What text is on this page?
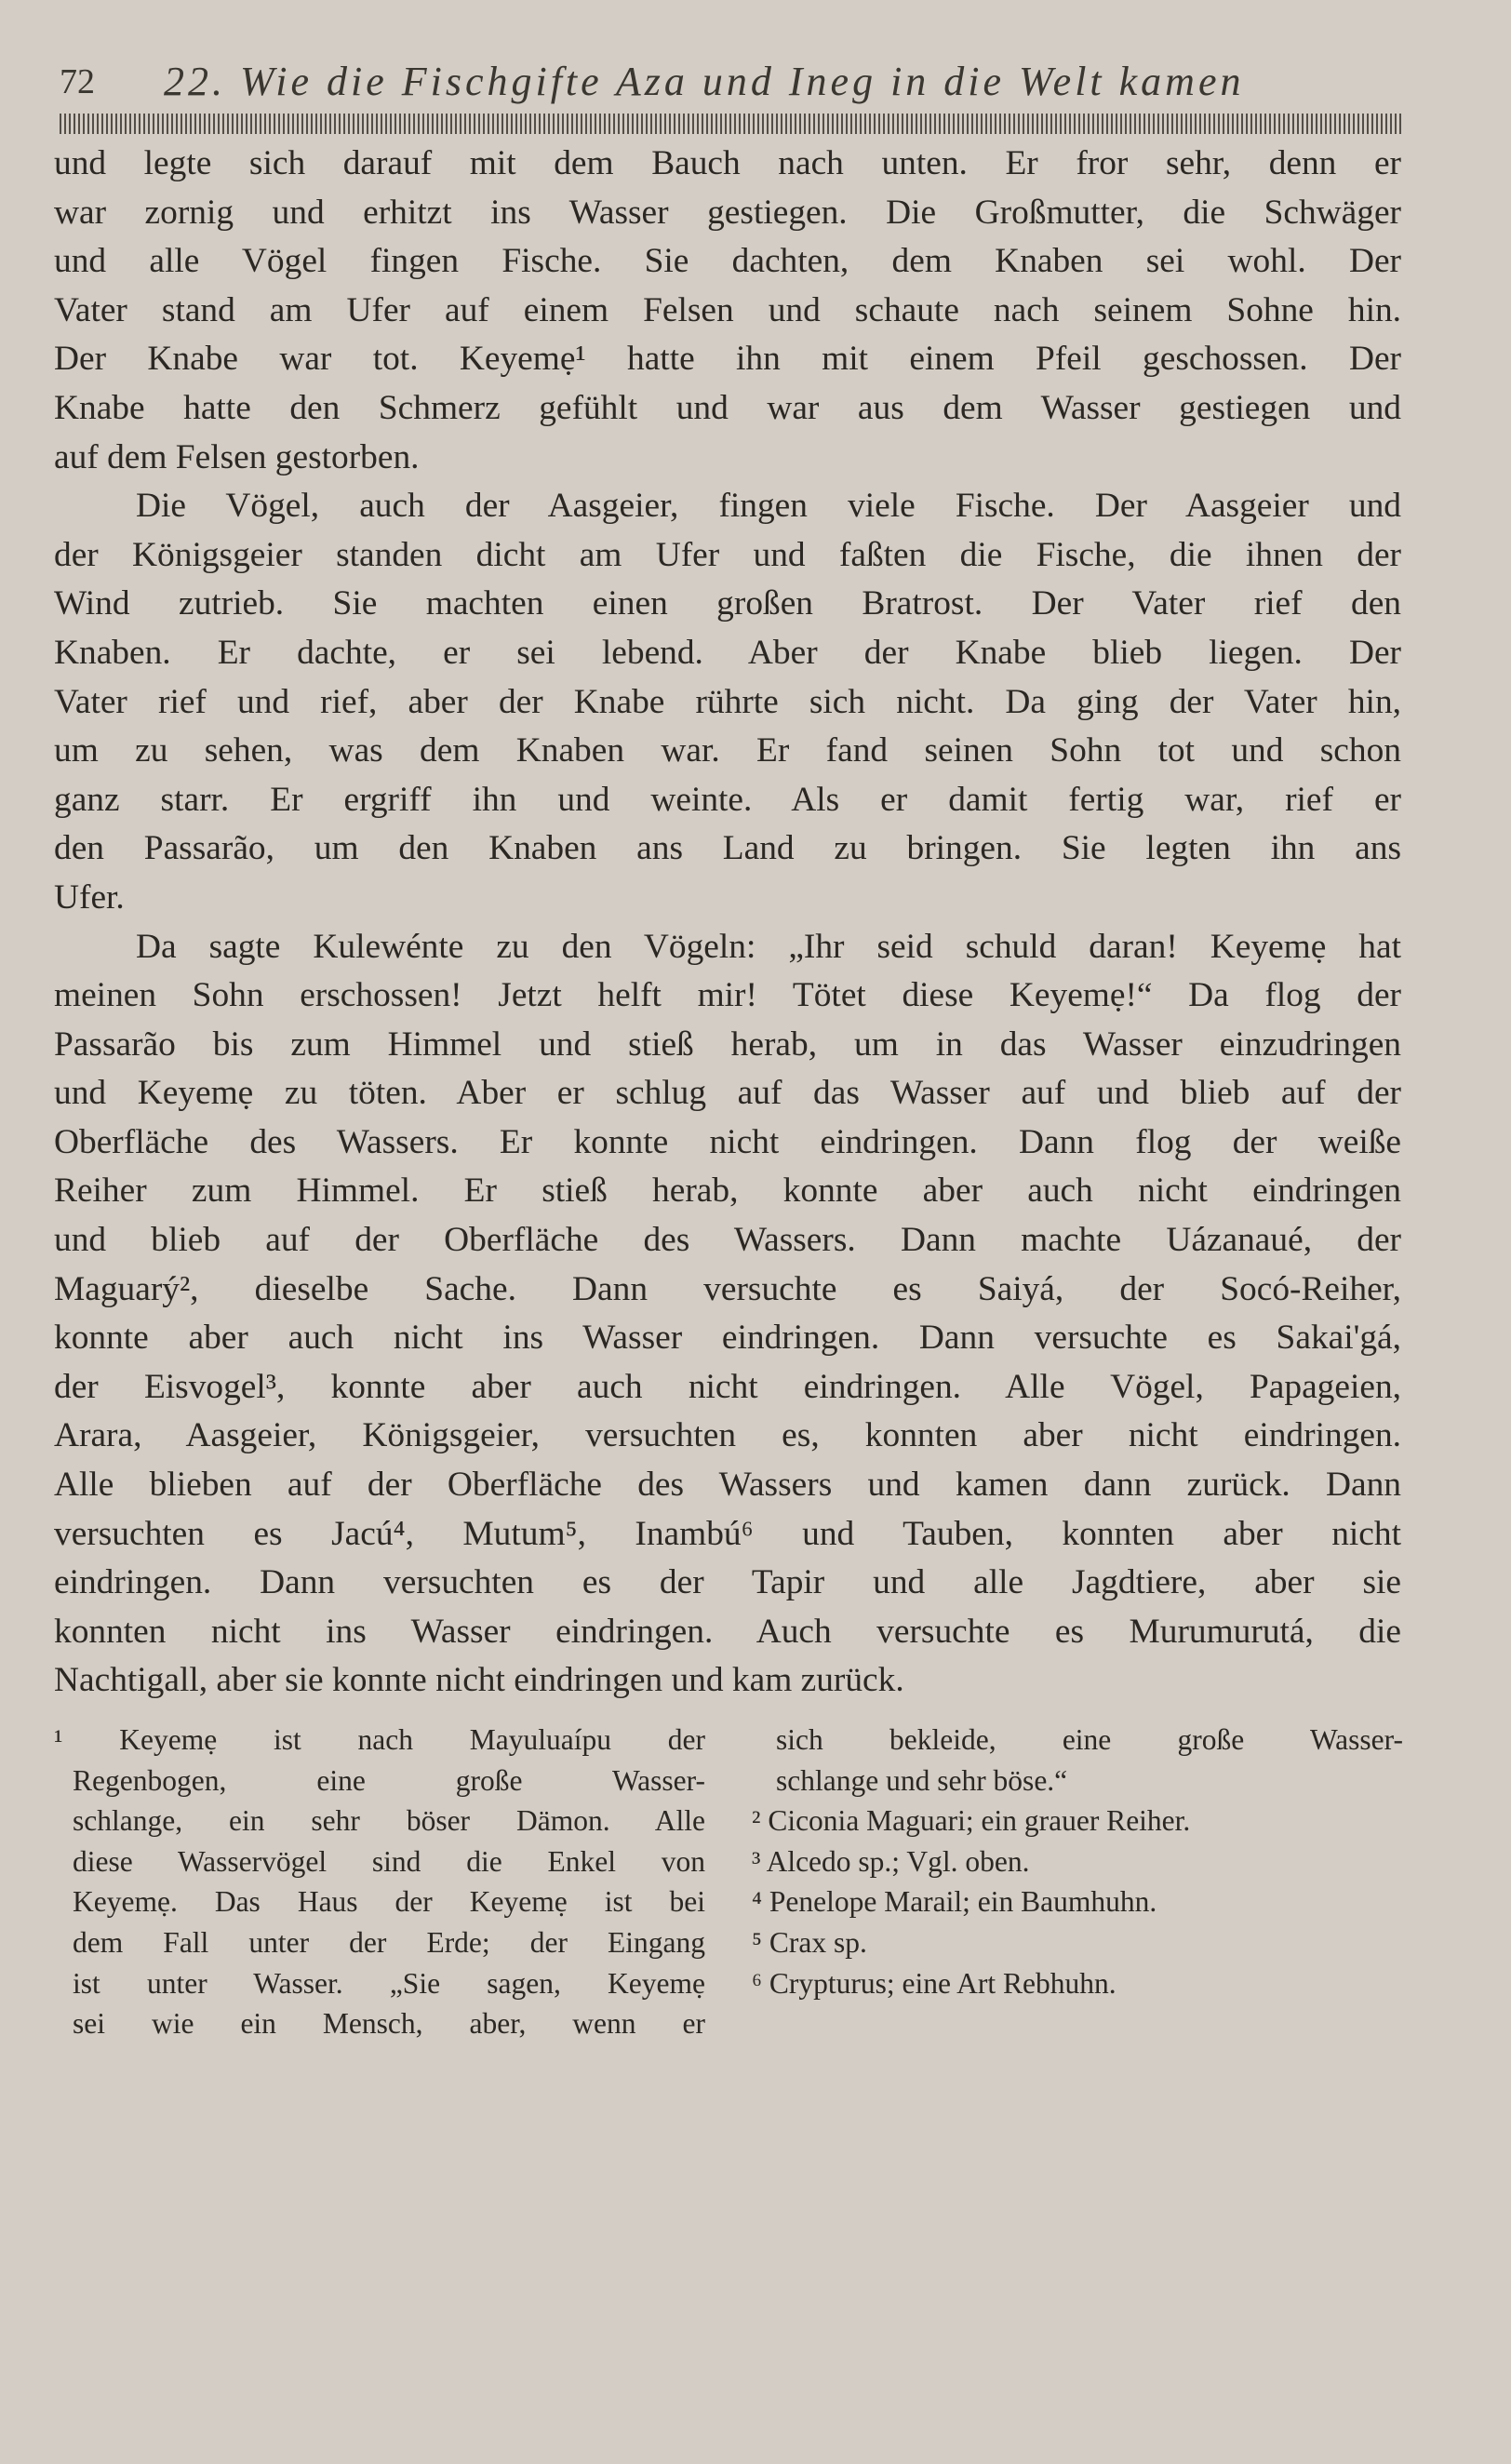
72 22. Wie die Fischgifte Aza und Ineg in die Welt kamen
und legte sich darauf mit dem Bauch nach unten. Er fror sehr, denn er
war zornig und erhitzt ins Wasser gestiegen. Die Großmutter, die Schwäger
und alle Vögel fingen Fische. Sie dachten, dem Knaben sei wohl. Der
Vater stand am Ufer auf einem Felsen und schaute nach seinem Sohne hin.
Der Knabe war tot. Keyemẹ¹ hatte ihn mit einem Pfeil geschossen. Der
Knabe hatte den Schmerz gefühlt und war aus dem Wasser gestiegen und
auf dem Felsen gestorben.
Die Vögel, auch der Aasgeier, fingen viele Fische. Der Aasgeier und
der Königsgeier standen dicht am Ufer und faßten die Fische, die ihnen der
Wind zutrieb. Sie machten einen großen Bratrost. Der Vater rief den
Knaben. Er dachte, er sei lebend. Aber der Knabe blieb liegen. Der
Vater rief und rief, aber der Knabe rührte sich nicht. Da ging der Vater hin,
um zu sehen, was dem Knaben war. Er fand seinen Sohn tot und schon
ganz starr. Er ergriff ihn und weinte. Als er damit fertig war, rief er
den Passarão, um den Knaben ans Land zu bringen. Sie legten ihn ans
Ufer.
Da sagte Kulewénte zu den Vögeln: „Ihr seid schuld daran! Keyemẹ hat
meinen Sohn erschossen! Jetzt helft mir! Tötet diese Keyemẹ!“ Da flog der
Passarão bis zum Himmel und stieß herab, um in das Wasser einzudringen
und Keyemẹ zu töten. Aber er schlug auf das Wasser auf und blieb auf der
Oberfläche des Wassers. Er konnte nicht eindringen. Dann flog der weiße
Reiher zum Himmel. Er stieß herab, konnte aber auch nicht eindringen
und blieb auf der Oberfläche des Wassers. Dann machte Uázanaué, der
Maguarý², dieselbe Sache. Dann versuchte es Saiyá, der Socó-Reiher,
konnte aber auch nicht ins Wasser eindringen. Dann versuchte es Sakai'gá,
der Eisvogel³, konnte aber auch nicht eindringen. Alle Vögel, Papageien,
Arara, Aasgeier, Königsgeier, versuchten es, konnten aber nicht eindringen.
Alle blieben auf der Oberfläche des Wassers und kamen dann zurück. Dann
versuchten es Jacú⁴, Mutum⁵, Inambú⁶ und Tauben, konnten aber nicht
eindringen. Dann versuchten es der Tapir und alle Jagdtiere, aber sie
konnten nicht ins Wasser eindringen. Auch versuchte es Murumurutá, die
Nachtigall, aber sie konnte nicht eindringen und kam zurück.
¹ Keyemẹ ist nach Mayuluaípu der
Regenbogen, eine große Wasser-
schlange, ein sehr böser Dämon. Alle
diese Wasservögel sind die Enkel von
Keyemẹ. Das Haus der Keyemẹ ist bei
dem Fall unter der Erde; der Eingang
ist unter Wasser. „Sie sagen, Keyemẹ
sei wie ein Mensch, aber, wenn er
sich bekleide, eine große Wasser-
schlange und sehr böse.“
² Ciconia Maguari; ein grauer Reiher.
³ Alcedo sp.; Vgl. oben.
⁴ Penelope Marail; ein Baumhuhn.
⁵ Crax sp.
⁶ Crypturus; eine Art Rebhuhn.
